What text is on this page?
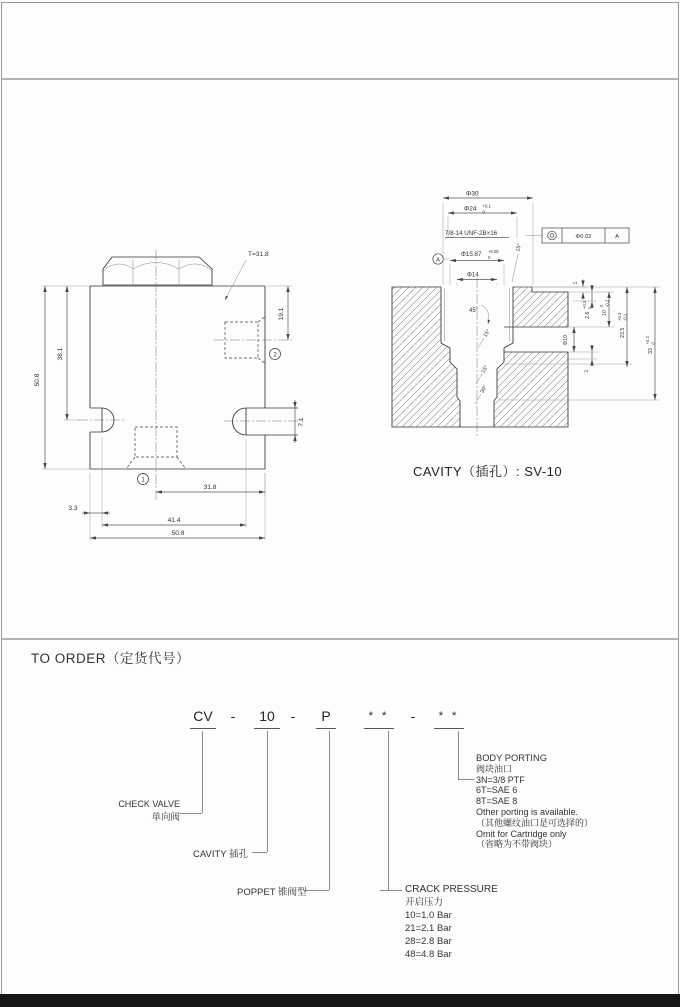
1
2
T=31.8
50.8
38.1
19.1
7.1
31.8
3.3
41.4
50.8
Φ30
Φ24 +0.1
0
7/8-14 UNF-2B×16
15°
Φ0.02	A
Φ15.87 +0.05
0
A
Φ14
45°
15°
15°
30°
1
2.6
+0.3 0
10
0 -0.2
23.5
+0.3 -0.1
33
+0.2 0
Φ10
1
CAVITY（插孔）: SV-10
TO ORDER（定货代号）
CV -	10	-	P	* *	-	* *
CHECK VALVE
单向阀
CAVITY 插孔
POPPET 锥阀型	CRACK PRESSURE
开启压力
10=1.0 Bar
21=2.1 Bar
28=2.8 Bar
48=4.8 Bar
BODY PORTING
阀块油口
3N=3/8 PTF
6T=SAE 6
8T=SAE 8
Other porting is available.
（其他螺纹油口是可选择的）
Omit for Cartridge only
（省略为不带阀块）
